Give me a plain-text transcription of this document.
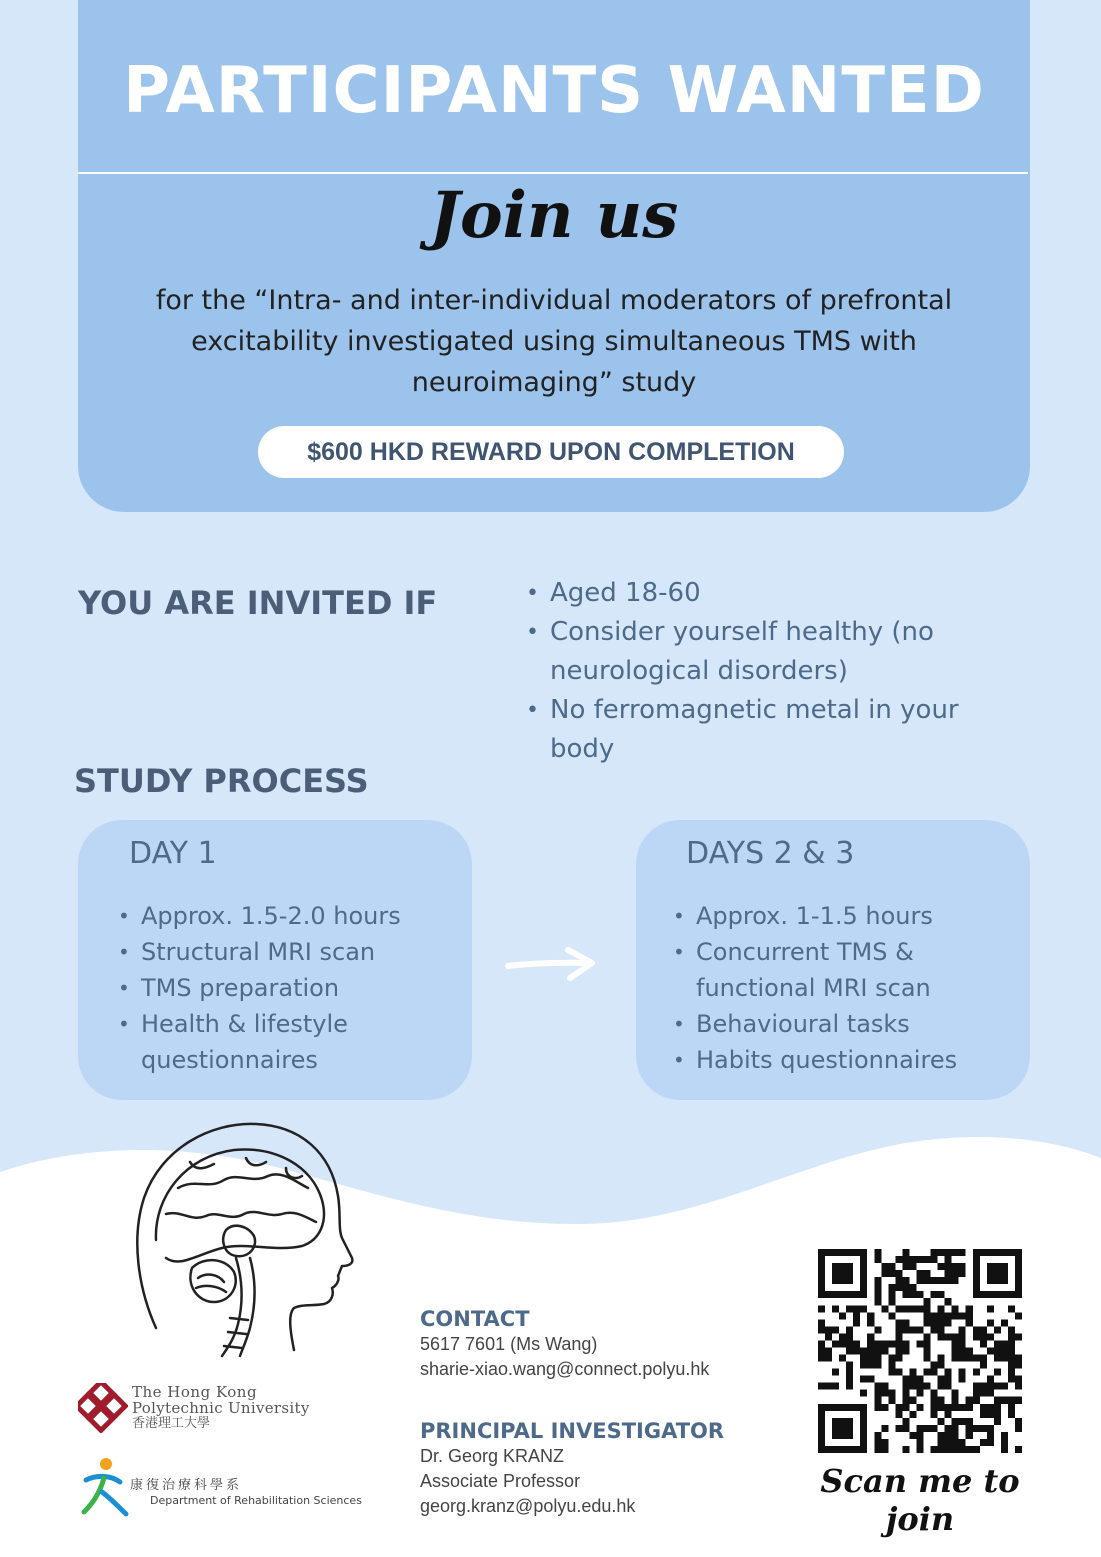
PARTICIPANTS WANTED
Join us
for the “Intra- and inter-individual moderators of prefrontal excitability investigated using simultaneous TMS with neuroimaging” study
$600 HKD REWARD UPON COMPLETION
YOU ARE INVITED IF
•	Aged 18-60
• Consider yourself healthy (no neurological disorders)
• No ferromagnetic metal in your body
STUDY PROCESS
DAY 1
• Approx. 1.5-2.0 hours
• Structural MRI scan
• TMS preparation
• Health & lifestyle questionnaires
DAYS 2 & 3
• Approx. 1-1.5 hours
• Concurrent TMS & functional MRI scan
• Behavioural tasks
• Habits questionnaires
The Hong Kong
Polytechnic University
香港理工大學
康復治療科學系
Department of Rehabilitation Sciences
CONTACT
5617 7601 (Ms Wang)
sharie-xiao.wang@connect.polyu.hk
PRINCIPAL INVESTIGATOR
Dr. Georg KRANZ
Associate Professor
georg.kranz@polyu.edu.hk
Scan me to join
